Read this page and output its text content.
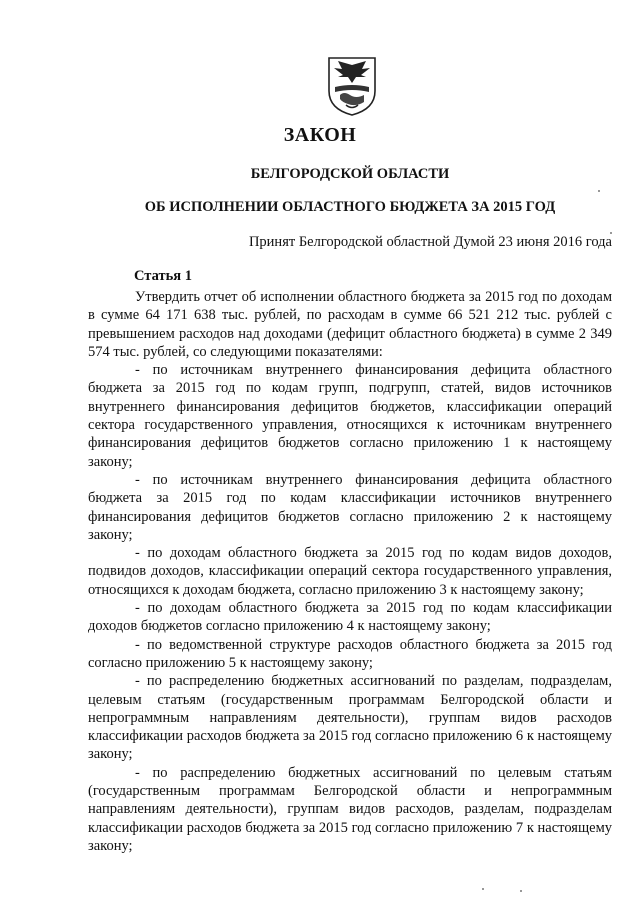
ЗАКОН
БЕЛГОРОДСКОЙ ОБЛАСТИ
ОБ ИСПОЛНЕНИИ ОБЛАСТНОГО БЮДЖЕТА ЗА 2015 ГОД
Принят Белгородской областной Думой 23 июня 2016 года
Статья 1

Утвердить отчет об исполнении областного бюджета за 2015 год по доходам в сумме 64 171 638 тыс. рублей, по расходам в сумме 66 521 212 тыс. рублей с превышением расходов над доходами (дефицит областного бюджета) в сумме 2 349 574 тыс. рублей, со следующими показателями:

- по источникам внутреннего финансирования дефицита областного бюджета за 2015 год по кодам групп, подгрупп, статей, видов источников внутреннего финансирования дефицитов бюджетов, классификации операций сектора государственного управления, относящихся к источникам внутреннего финансирования дефицитов бюджетов согласно приложению 1 к настоящему закону;

- по источникам внутреннего финансирования дефицита областного бюджета за 2015 год по кодам классификации источников внутреннего финансирования дефицитов бюджетов согласно приложению 2 к настоящему закону;

- по доходам областного бюджета за 2015 год по кодам видов доходов, подвидов доходов, классификации операций сектора государственного управления, относящихся к доходам бюджета, согласно приложению 3 к настоящему закону;

- по доходам областного бюджета за 2015 год по кодам классификации доходов бюджетов согласно приложению 4 к настоящему закону;

- по ведомственной структуре расходов областного бюджета за 2015 год согласно приложению 5 к настоящему закону;

- по распределению бюджетных ассигнований по разделам, подразделам, целевым статьям (государственным программам Белгородской области и непрограммным направлениям деятельности), группам видов расходов классификации расходов бюджета за 2015 год согласно приложению 6 к настоящему закону;

- по распределению бюджетных ассигнований по целевым статьям (государственным программам Белгородской области и непрограммным направлениям деятельности), группам видов расходов, разделам, подразделам классификации расходов бюджета за 2015 год согласно приложению 7 к настоящему закону;
